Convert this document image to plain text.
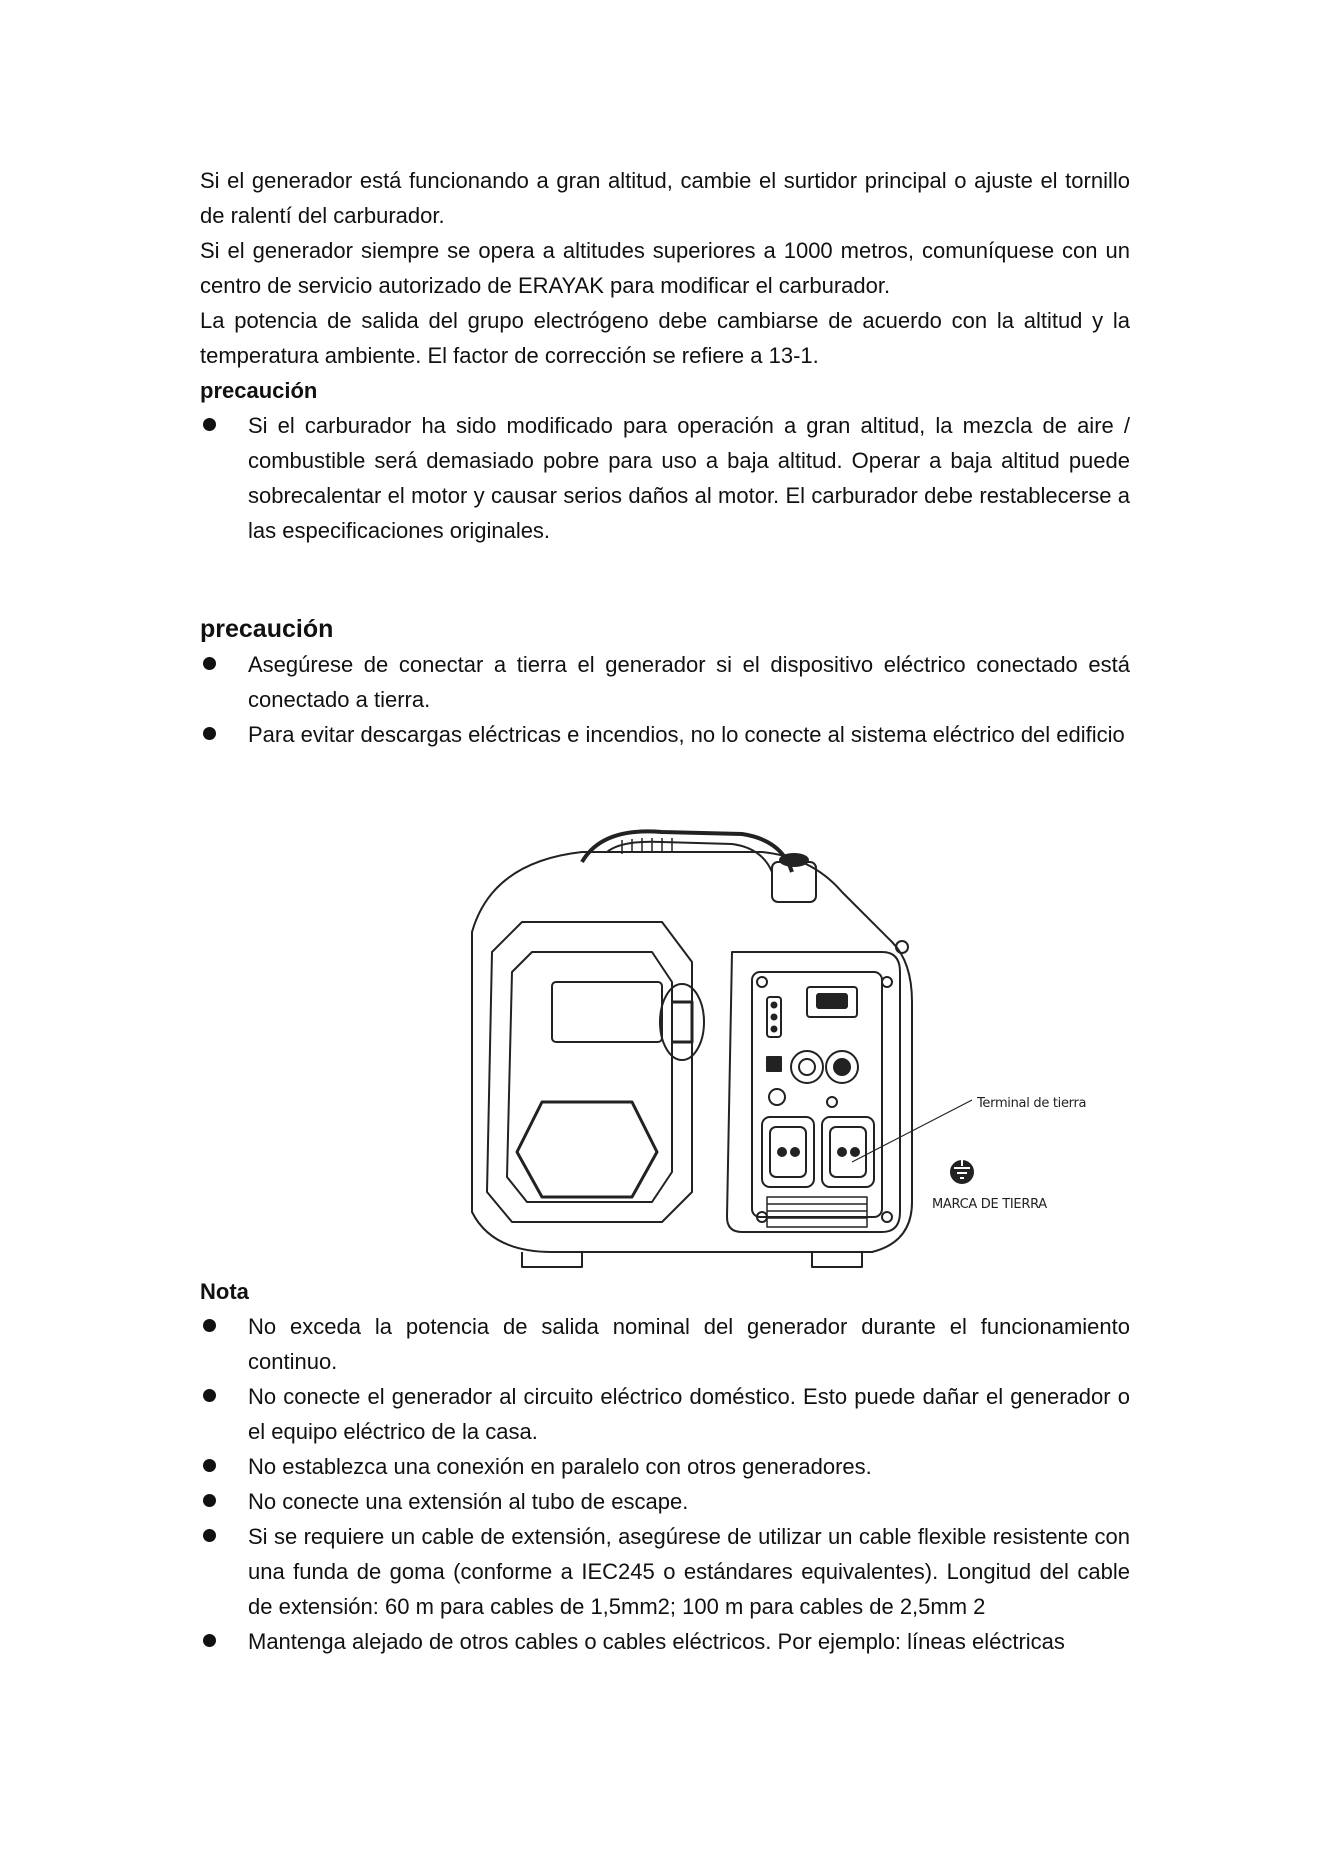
Si el generador está funcionando a gran altitud, cambie el surtidor principal o ajuste el tornillo de ralentí del carburador.

Si el generador siempre se opera a altitudes superiores a 1000 metros, comuníquese con un centro de servicio autorizado de ERAYAK para modificar el carburador.

La potencia de salida del grupo electrógeno debe cambiarse de acuerdo con la altitud y la temperatura ambiente. El factor de corrección se refiere a 13-1.

precaución

Si el carburador ha sido modificado para operación a gran altitud, la mezcla de aire / combustible será demasiado pobre para uso a baja altitud. Operar a baja altitud puede sobrecalentar el motor y causar serios daños al motor. El carburador debe restablecerse a las especificaciones originales.

precaución

Asegúrese de conectar a tierra el generador si el dispositivo eléctrico conectado está conectado a tierra.
Para evitar descargas eléctricas e incendios, no lo conecte al sistema eléctrico del edificio

Nota

No exceda la potencia de salida nominal del generador durante el funcionamiento continuo.
No conecte el generador al circuito eléctrico doméstico. Esto puede dañar el generador o el equipo eléctrico de la casa.
No establezca una conexión en paralelo con otros generadores.
No conecte una extensión al tubo de escape.
Si se requiere un cable de extensión, asegúrese de utilizar un cable flexible resistente con una funda de goma (conforme a IEC245 o estándares equivalentes). Longitud del cable de extensión: 60 m para cables de 1,5mm2; 100 m para cables de 2,5mm 2
Mantenga alejado de otros cables o cables eléctricos. Por ejemplo: líneas eléctricas
Terminal de tierra
MARCA DE TIERRA
